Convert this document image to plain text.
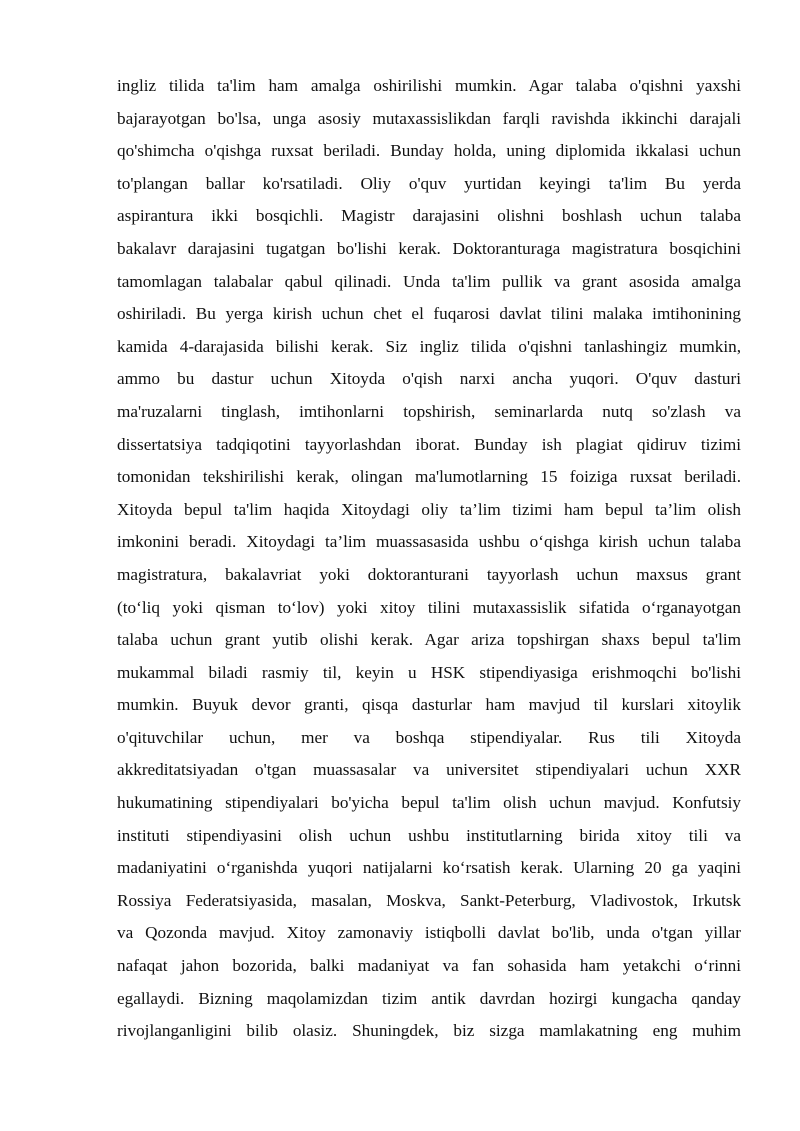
ingliz tilida ta'lim ham amalga oshirilishi mumkin. Agar talaba o'qishni yaxshi
bajarayotgan bo'lsa, unga asosiy mutaxassislikdan farqli ravishda ikkinchi darajali
qo'shimcha o'qishga ruxsat beriladi. Bunday holda, uning diplomida ikkalasi uchun
to'plangan ballar ko'rsatiladi. Oliy o'quv yurtidan keyingi ta'lim Bu yerda
aspirantura ikki bosqichli. Magistr darajasini olishni boshlash uchun talaba
bakalavr darajasini tugatgan bo'lishi kerak. Doktoranturaga magistratura bosqichini
tamomlagan talabalar qabul qilinadi. Unda ta'lim pullik va grant asosida amalga
oshiriladi. Bu yerga kirish uchun chet el fuqarosi davlat tilini malaka imtihonining
kamida 4-darajasida bilishi kerak. Siz ingliz tilida o'qishni tanlashingiz mumkin,
ammo bu dastur uchun Xitoyda o'qish narxi ancha yuqori. O'quv dasturi
ma'ruzalarni tinglash, imtihonlarni topshirish, seminarlarda nutq so'zlash va
dissertatsiya tadqiqotini tayyorlashdan iborat. Bunday ish plagiat qidiruv tizimi
tomonidan tekshirilishi kerak, olingan ma'lumotlarning 15 foiziga ruxsat beriladi.
Xitoyda bepul ta'lim haqida Xitoydagi oliy ta’lim tizimi ham bepul ta’lim olish
imkonini beradi. Xitoydagi ta’lim muassasasida ushbu o‘qishga kirish uchun talaba
magistratura, bakalavriat yoki doktoranturani tayyorlash uchun maxsus grant
(to‘liq yoki qisman to‘lov) yoki xitoy tilini mutaxassislik sifatida o‘rganayotgan
talaba uchun grant yutib olishi kerak. Agar ariza topshirgan shaxs bepul ta'lim
mukammal biladi rasmiy til, keyin u HSK stipendiyasiga erishmoqchi bo'lishi
mumkin. Buyuk devor granti, qisqa dasturlar ham mavjud til kurslari xitoylik
o'qituvchilar uchun, mer va boshqa stipendiyalar. Rus tili Xitoyda
akkreditatsiyadan o'tgan muassasalar va universitet stipendiyalari uchun XXR
hukumatining stipendiyalari bo'yicha bepul ta'lim olish uchun mavjud. Konfutsiy
instituti stipendiyasini olish uchun ushbu institutlarning birida xitoy tili va
madaniyatini o‘rganishda yuqori natijalarni ko‘rsatish kerak. Ularning 20 ga yaqini
Rossiya Federatsiyasida, masalan, Moskva, Sankt-Peterburg, Vladivostok, Irkutsk
va Qozonda mavjud. Xitoy zamonaviy istiqbolli davlat bo'lib, unda o'tgan yillar
nafaqat jahon bozorida, balki madaniyat va fan sohasida ham yetakchi o‘rinni
egallaydi. Bizning maqolamizdan tizim antik davrdan hozirgi kungacha qanday
rivojlanganligini bilib olasiz. Shuningdek, biz sizga mamlakatning eng muhim
